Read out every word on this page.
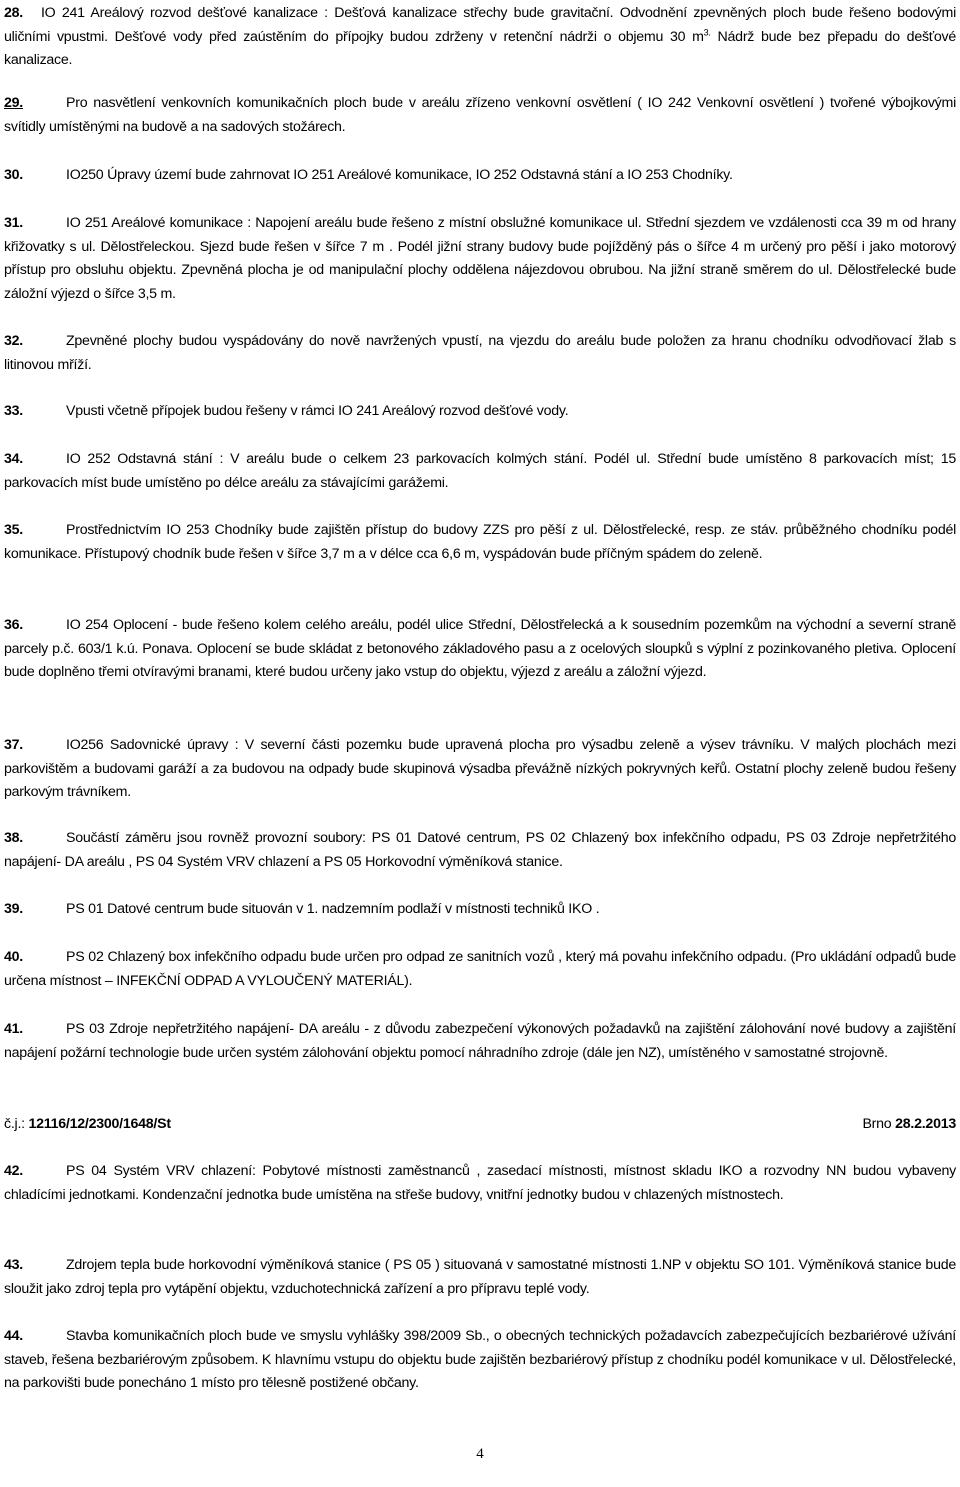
28. IO 241 Areálový rozvod dešťové kanalizace : Dešťová kanalizace střechy bude gravitační. Odvodnění zpevněných ploch bude řešeno bodovými uličními vpustmi. Dešťové vody před zaústěním do přípojky budou zdrženy v retenční nádrži o objemu 30 $m^{3.}$ Nádrž bude bez přepadu do dešťové kanalizace.
29.	Pro nasvětlení venkovních komunikačních ploch bude v areálu zřízeno venkovní osvětlení ( IO 242 Venkovní osvětlení ) tvořené výbojkovými svítidly umístěnými na budově a na sadových stožárech.
30.	IO250 Úpravy území bude zahrnovat IO 251 Areálové komunikace, IO 252 Odstavná stání a IO 253 Chodníky.
31.	IO 251 Areálové komunikace : Napojení areálu bude řešeno z místní obslužné komunikace ul. Střední sjezdem ve vzdálenosti cca 39 m od hrany křižovatky s ul. Dělostřeleckou. Sjezd bude řešen v šířce 7 m . Podél jižní strany budovy bude pojížděný pás o šířce 4 m určený pro pěší i jako motorový přístup pro obsluhu objektu. Zpevněná plocha je od manipulační plochy oddělena nájezdovou obrubou. Na jižní straně směrem do ul. Dělostřelecké bude záložní výjezd o šířce 3,5 m.
32.	Zpevněné plochy budou vyspádovány do nově navržených vpustí, na vjezdu do areálu bude položen za hranu chodníku odvodňovací žlab s litinovou mříží.
33.	Vpusti včetně přípojek budou řešeny v rámci IO 241 Areálový rozvod dešťové vody.
34.	IO 252 Odstavná stání : V areálu bude o celkem 23 parkovacích kolmých stání. Podél ul. Střední bude umístěno 8 parkovacích míst; 15 parkovacích míst bude umístěno po délce areálu za stávajícími garážemi.
35.	Prostřednictvím IO 253 Chodníky bude zajištěn přístup do budovy ZZS pro pěší z ul. Dělostřelecké, resp. ze stáv. průběžného chodníku podél komunikace. Přístupový chodník bude řešen v šířce 3,7 m a v délce cca 6,6 m, vyspádován bude příčným spádem do zeleně.
36.	IO 254 Oplocení - bude řešeno kolem celého areálu, podél ulice Střední, Dělostřelecká a k sousedním pozemkům na východní a severní straně parcely p.č. 603/1 k.ú. Ponava. Oplocení se bude skládat z betonového základového pasu a z ocelových sloupků s výplní z pozinkovaného pletiva. Oplocení bude doplněno třemi otvíravými branami, které budou určeny jako vstup do objektu, výjezd z areálu a záložní výjezd.
37.	IO256 Sadovnické úpravy : V severní části pozemku bude upravená plocha pro výsadbu zeleně a výsev trávníku. V malých plochách mezi parkovištěm a budovami garáží a za budovou na odpady bude skupinová výsadba převážně nízkých pokryvných keřů. Ostatní plochy zeleně budou řešeny parkovým trávníkem.
38.	Součástí záměru jsou rovněž provozní soubory: PS 01 Datové centrum, PS 02 Chlazený box infekčního odpadu, PS 03 Zdroje nepřetržitého napájení- DA areálu , PS 04 Systém VRV chlazení a PS 05 Horkovodní výměníková stanice.
39.	PS 01 Datové centrum bude situován v 1. nadzemním podlaží v místnosti techniků IKO .
40.	PS 02 Chlazený box infekčního odpadu bude určen pro odpad ze sanitních vozů , který má povahu infekčního odpadu. (Pro ukládání odpadů bude určena místnost – INFEKČNÍ ODPAD A VYLOUČENÝ MATERIÁL).
41.	PS 03 Zdroje nepřetržitého napájení- DA areálu - z důvodu zabezpečení výkonových požadavků na zajištění zálohování nové budovy a zajištění napájení požární technologie bude určen systém zálohování objektu pomocí náhradního zdroje (dále jen NZ), umístěného v samostatné strojovně.
č.j.: 12116/12/2300/1648/St	Brno 28.2.2013
42.	PS 04 Systém VRV chlazení: Pobytové místnosti zaměstnanců , zasedací místnosti, místnost skladu IKO a rozvodny NN budou vybaveny chladícími jednotkami. Kondenzační jednotka bude umístěna na střeše budovy, vnitřní jednotky budou v chlazených místnostech.
43.	Zdrojem tepla bude horkovodní výměníková stanice ( PS 05 ) situovaná v samostatné místnosti 1.NP v objektu SO 101. Výměníková stanice bude sloužit jako zdroj tepla pro vytápění objektu, vzduchotechnická zařízení a pro přípravu teplé vody.
44.	Stavba komunikačních ploch bude ve smyslu vyhlášky 398/2009 Sb., o obecných technických požadavcích zabezpečujících bezbariérové užívání staveb, řešena bezbariérovým způsobem. K hlavnímu vstupu do objektu bude zajištěn bezbariérový přístup z chodníku podél komunikace v ul. Dělostřelecké, na parkovišti bude ponecháno 1 místo pro tělesně postižené občany.
4
